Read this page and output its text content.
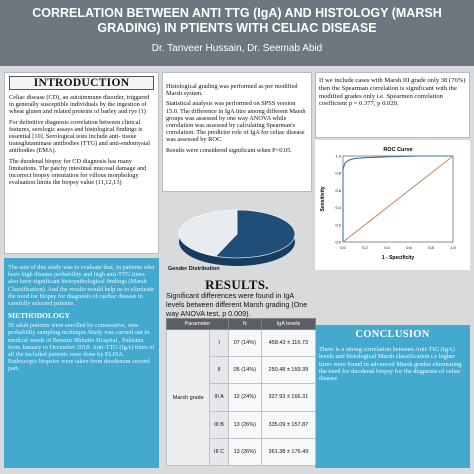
CORRELATION BETWEEN ANTI TTG (IgA) AND HISTOLOGY (MARSH GRADING) IN PTIENTS WITH CELIAC DISEASE
Dr. Tanveer Hussain, Dr. Seemab Abid
INTRODUCTION

Celiac disease (CD), an autoimmune disorder, triggered in generally susceptible individuals by the ingestion of wheat gluten and related proteins of barley and rye (1)

For definitive diagnosis correlation between clinical features, serologic assays and histological findings is essential [10]. Serological tests include anti- tissue transglutaminase antibodies (TTG) and anti-endomysial antibodies (EMA).

The duodenal biopsy for CD diagnosis has many limitations. The patchy intestinal mucosal damage and incorrect biopsy orientation for villous morphology evaluation limits the biopsy value (11,12,13)

The aim of this study was to evaluate that, in patients who have high disease probability and high anti-TTG titers also have significant histopathological findings (Marsh Classification). And the results would help us to eliminate the need for biopsy for diagnosis of caeliac disease in carefully selected patients.

METHODOLOGY

50 adult patients were enrolled by consecutive, non-probability sampling technique.Study was carried out in medical wards of Benazir Bhhutto Hospital , Pakistan from January to December 2018. Anti-TTG (IgA) titres of all the included patients were done by ELISA. Endoscopic biopsies were taken from duodenum second part.

Histological grading was performed as per modified Marsh system.

Statistical analysis was performed on SPSS version 15.0. The difference in IgA titre among different Marsh groups was assessed by one way ANOVA while correlation was assessed by calculating Spearman's correlation. The predictor role of IgA for celiac disease was assessed by ROC.

Results were considered significant when P<0.05.

Gender Distribution
RESULTS.
Significant differences were found in IgA levels between different Marsh grading (One way ANOVA test, p 0.009).

If we include cases with Marsh III grade only 38 (76%) then the Spearman correlation is significant with the modified grades only i.e. Spearmen correlation coefficient ρ = 0.377, p 0.020.

ROC Curve
1 - Specificity
Sensitivity
0.0
0.0
0.2
0.2
0.4
0.4
0.6
0.6
0.8
0.8
1.0
1.0
CONCLUSION

There is a strong correlation between Anti-TtG (IgA) levels and histological Marsh classification i.e higher titres were found in advanced Marsh grades eliminating the need for duodenal biopsy for the diagnosis of celiac disease

Parameter		N	IgA levels
Marsh grade	I	07 (14%)	458.43 ± 116.73
	II	05 (14%)	250.48 ± 159.39
	III A	12 (24%)	327.93 ± 166.31
	III B	13 (26%)	335.09 ± 157.87
	III C	13 (26%)	361.38 ± 176.49
